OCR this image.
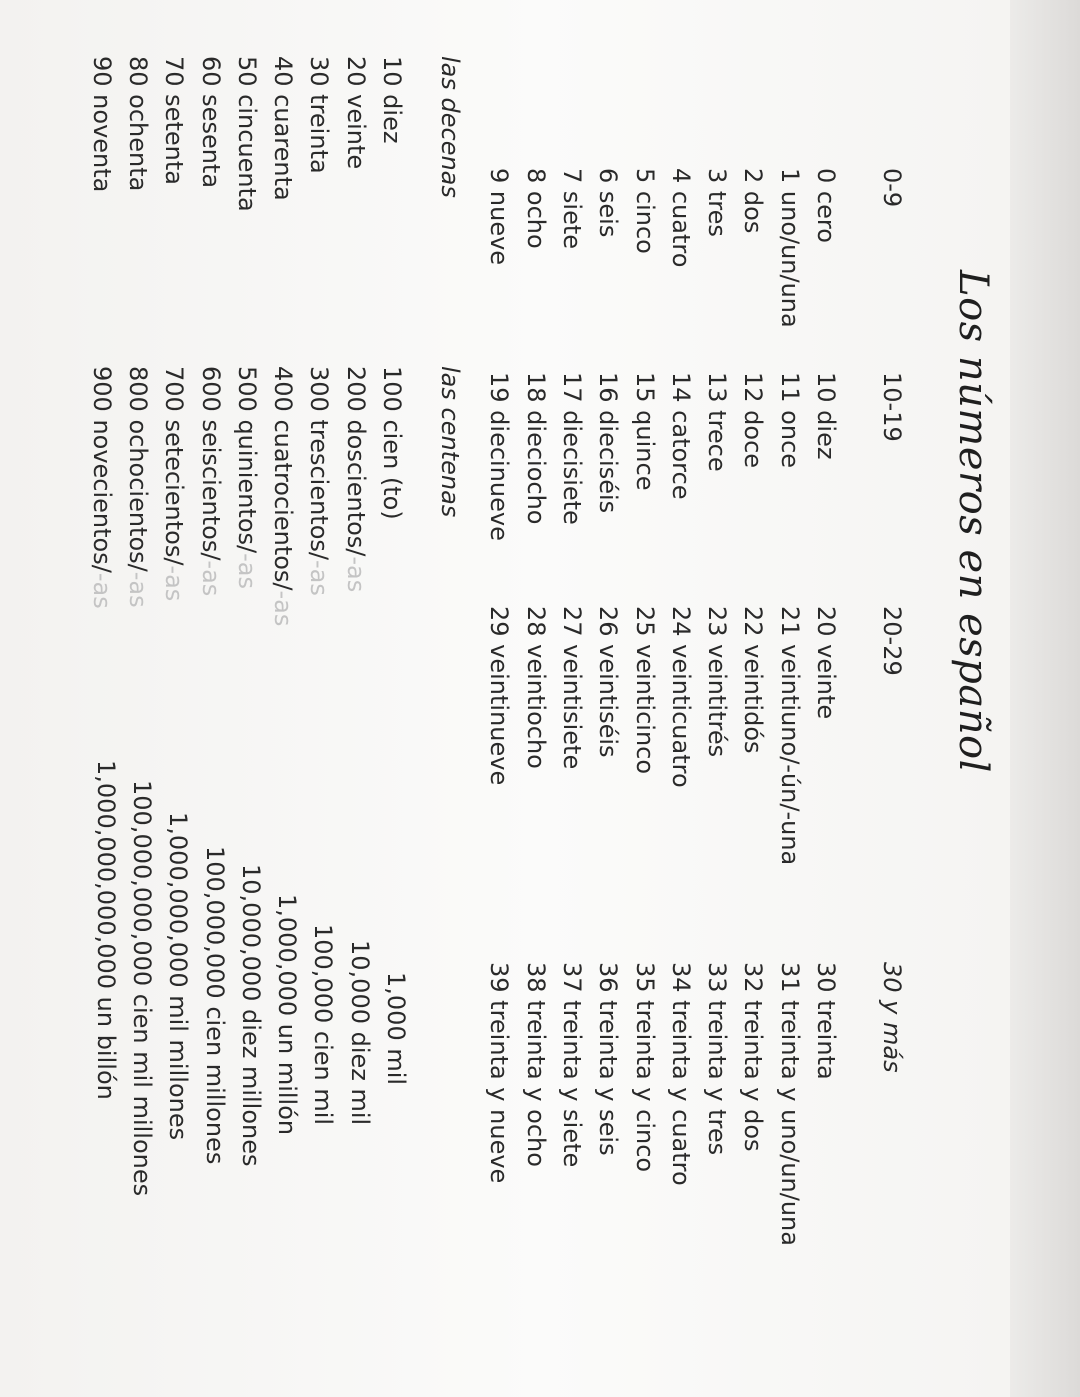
Los números en español
0-9
0 cero
1 uno/un/una
2 dos
3 tres
4 cuatro
5 cinco
6 seis
7 siete
8 ocho
9 nueve
10-19
10 diez
11 once
12 doce
13 trece
14 catorce
15 quince
16 dieciséis
17 diecisiete
18 dieciocho
19 diecinueve
20-29
20 veinte
21 veintiuno/-ún/-una
22 veintidós
23 veintitrés
24 veinticuatro
25 veinticinco
26 veintiséis
27 veintisiete
28 veintiocho
29 veintinueve
30 y más
30 treinta
31 treinta y uno/un/una
32 treinta y dos
33 treinta y tres
34 treinta y cuatro
35 treinta y cinco
36 treinta y seis
37 treinta y siete
38 treinta y ocho
39 treinta y nueve
las decenas
10 diez
20 veinte
30 treinta
40 cuarenta
50 cincuenta
60 sesenta
70 setenta
80 ochenta
90 noventa
las centenas
100 cien (to)
200 doscientos/-as
300 trescientos/-as
400 cuatrocientos/-as
500 quinientos/-as
600 seiscientos/-as
700 setecientos/-as
800 ochocientos/-as
900 novecientos/-as
1,000 mil
10,000 diez mil
100,000 cien mil
1,000,000 un millón
10,000,000 diez millones
100,000,000 cien millones
1,000,000,000 mil millones
100,000,000,000 cien mil millones
1,000,000,000,000 un billón
